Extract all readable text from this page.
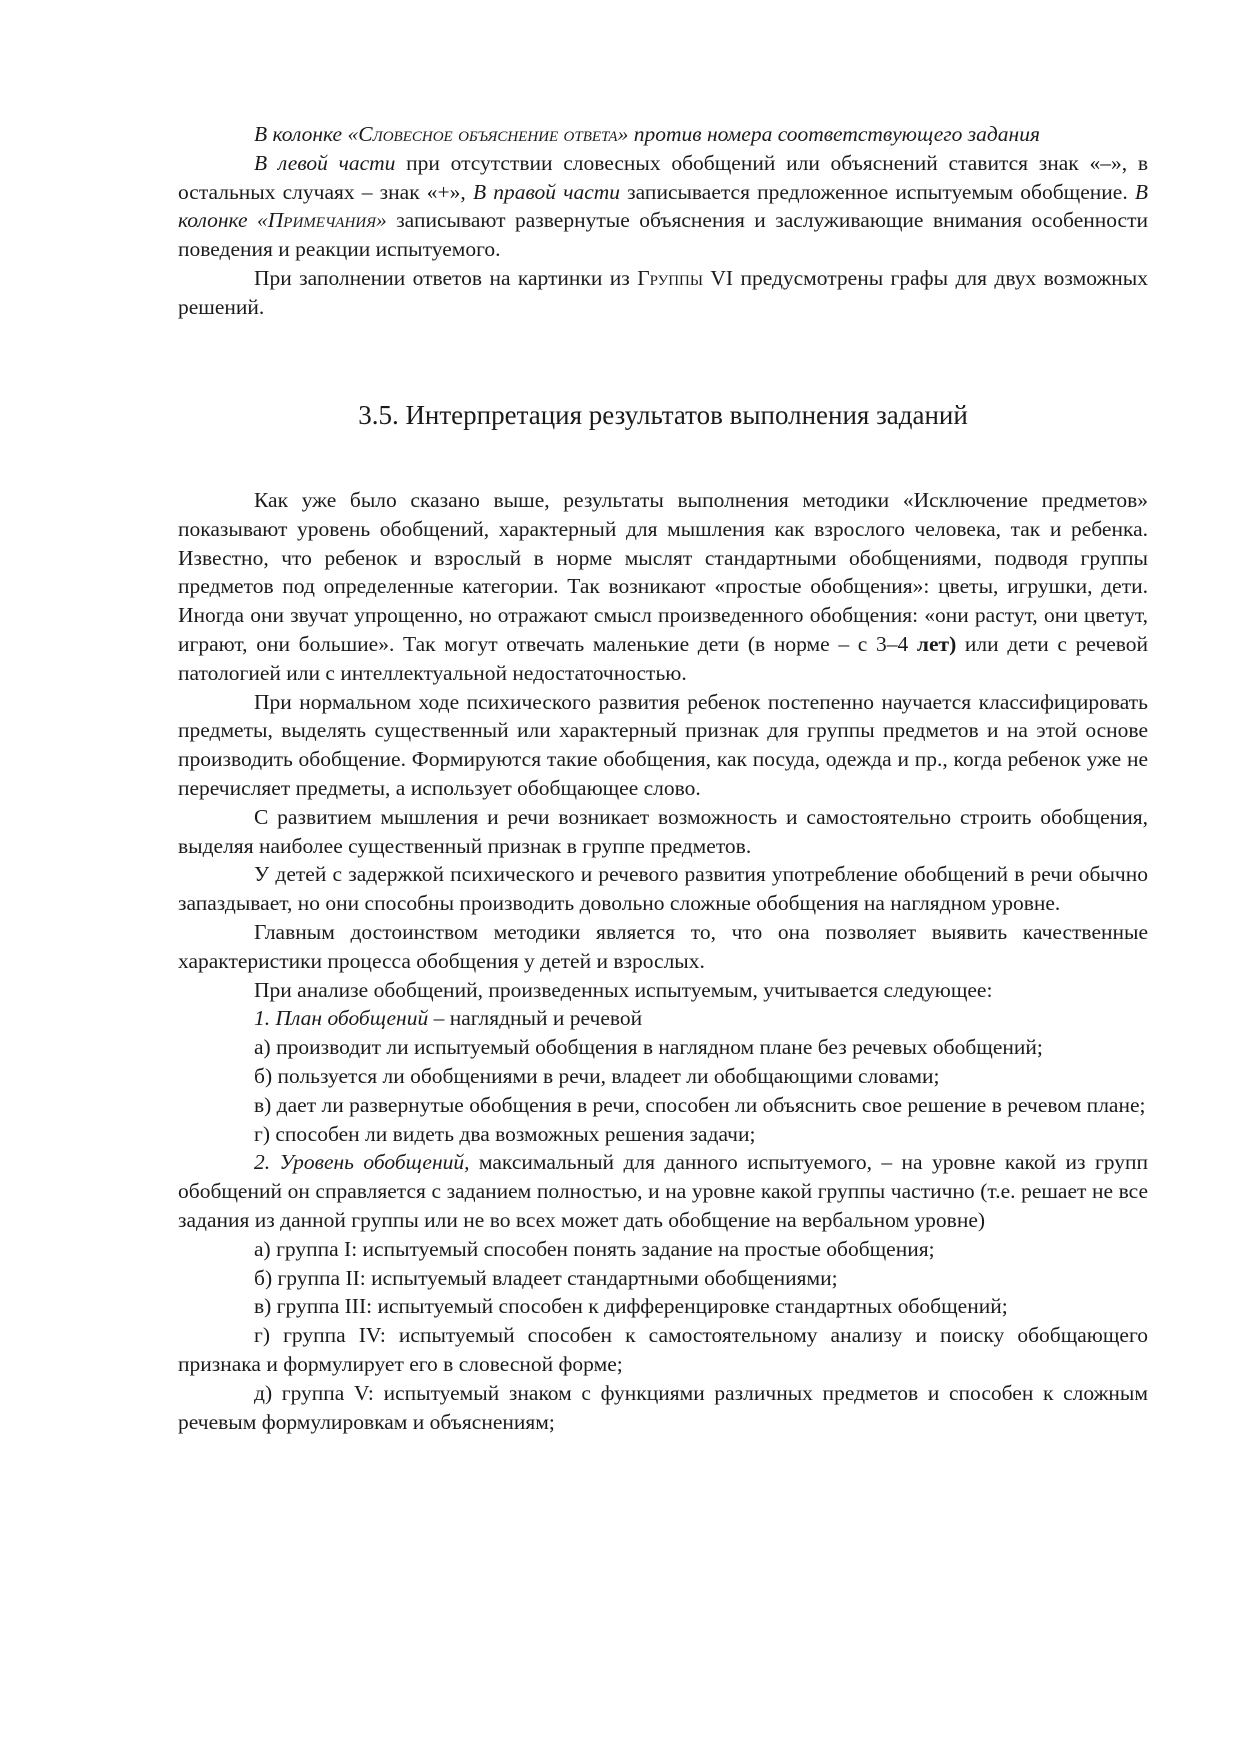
В колонке «Словесное объяснение ответа» против номера соответствующего задания

В левой части при отсутствии словесных обобщений или объяснений ставится знак «–», в остальных случаях – знак «+», В правой части записывается предложенное испытуемым обобщение. В колонке «Примечания» записывают развернутые объяснения и заслуживающие внимания особенности поведения и реакции испытуемого.

При заполнении ответов на картинки из Группы VI предусмотрены графы для двух возможных решений.

3.5. Интерпретация результатов выполнения заданий

Как уже было сказано выше, результаты выполнения методики «Исключение предметов» показывают уровень обобщений, характерный для мышления как взрослого человека, так и ребенка. Известно, что ребенок и взрослый в норме мыслят стандартными обобщениями, подводя группы предметов под определенные категории. Так возникают «простые обобщения»: цветы, игрушки, дети. Иногда они звучат упрощенно, но отражают смысл произведенного обобщения: «они растут, они цветут, играют, они большие». Так могут отвечать маленькие дети (в норме – с 3–4 лет) или дети с речевой патологией или с интеллектуальной недостаточностью.

При нормальном ходе психического развития ребенок постепенно научается классифицировать предметы, выделять существенный или характерный признак для группы предметов и на этой основе производить обобщение. Формируются такие обобщения, как посуда, одежда и пр., когда ребенок уже не перечисляет предметы, а использует обобщающее слово.

С развитием мышления и речи возникает возможность и самостоятельно строить обобщения, выделяя наиболее существенный признак в группе предметов.

У детей с задержкой психического и речевого развития употребление обобщений в речи обычно запаздывает, но они способны производить довольно сложные обобщения на наглядном уровне.

Главным достоинством методики является то, что она позволяет выявить качественные характеристики процесса обобщения у детей и взрослых.

При анализе обобщений, произведенных испытуемым, учитывается следующее:

1. План обобщений – наглядный и речевой

а) производит ли испытуемый обобщения в наглядном плане без речевых обобщений;

б) пользуется ли обобщениями в речи, владеет ли обобщающими словами;

в) дает ли развернутые обобщения в речи, способен ли объяснить свое решение в речевом плане;

г) способен ли видеть два возможных решения задачи;

2. Уровень обобщений, максимальный для данного испытуемого, – на уровне какой из групп обобщений он справляется с заданием полностью, и на уровне какой группы частично (т.е. решает не все задания из данной группы или не во всех может дать обобщение на вербальном уровне)

а) группа I: испытуемый способен понять задание на простые обобщения;

б) группа II: испытуемый владеет стандартными обобщениями;

в) группа III: испытуемый способен к дифференцировке стандартных обобщений;

г) группа IV: испытуемый способен к самостоятельному анализу и поиску обобщающего признака и формулирует его в словесной форме;

д) группа V: испытуемый знаком с функциями различных предметов и способен к сложным речевым формулировкам и объяснениям;
